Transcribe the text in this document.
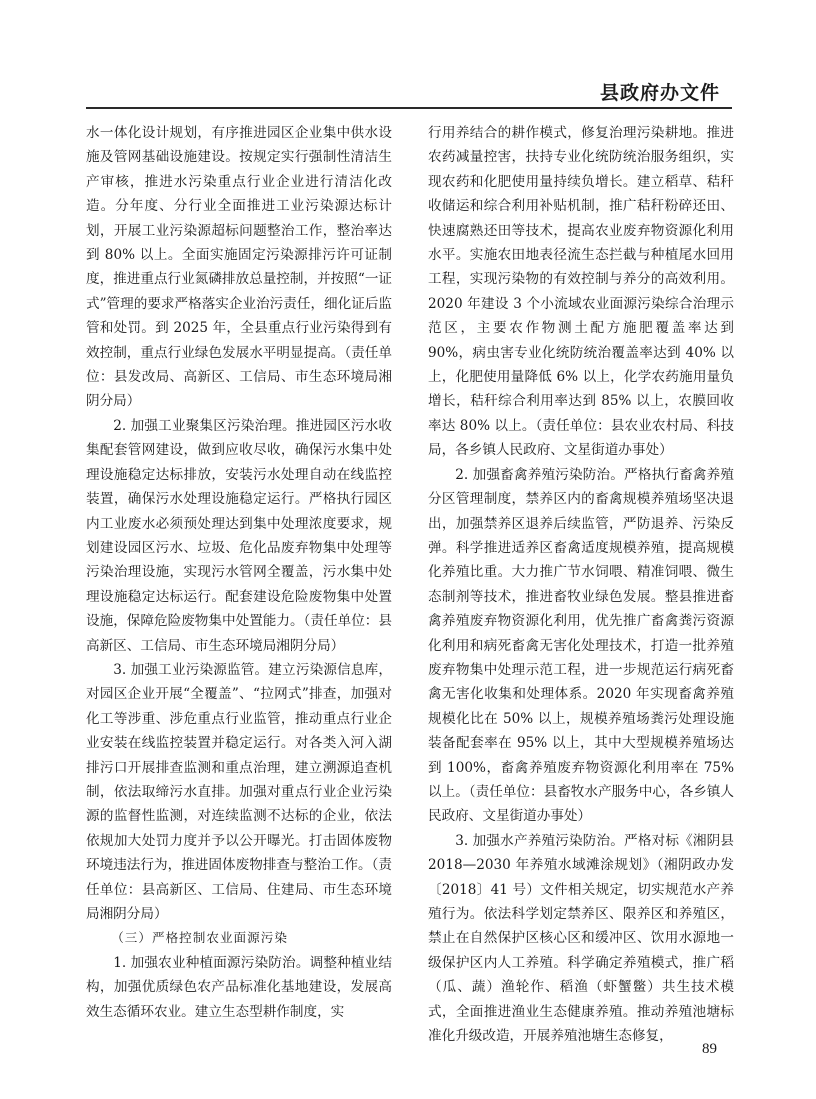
县政府办文件

水一体化设计规划，有序推进园区企业集中供水设施及管网基础设施建设。按规定实行强制性清洁生产审核，推进水污染重点行业企业进行清洁化改造。分年度、分行业全面推进工业污染源达标计划，开展工业污染源超标问题整治工作，整治率达到 80% 以上。全面实施固定污染源排污许可证制度，推进重点行业氮磷排放总量控制，并按照“一证式”管理的要求严格落实企业治污责任，细化证后监管和处罚。到 2025 年，全县重点行业污染得到有效控制，重点行业绿色发展水平明显提高。（责任单位：县发改局、高新区、工信局、市生态环境局湘阴分局）

2. 加强工业聚集区污染治理。推进园区污水收集配套管网建设，做到应收尽收，确保污水集中处理设施稳定达标排放，安装污水处理自动在线监控装置，确保污水处理设施稳定运行。严格执行园区内工业废水必须预处理达到集中处理浓度要求，规划建设园区污水、垃圾、危化品废弃物集中处理等污染治理设施，实现污水管网全覆盖，污水集中处理设施稳定达标运行。配套建设危险废物集中处置设施，保障危险废物集中处置能力。（责任单位：县高新区、工信局、市生态环境局湘阴分局）

3. 加强工业污染源监管。建立污染源信息库，对园区企业开展“全覆盖”、“拉网式”排查，加强对化工等涉重、涉危重点行业监管，推动重点行业企业安装在线监控装置并稳定运行。对各类入河入湖排污口开展排查监测和重点治理，建立溯源追查机制，依法取缔污水直排。加强对重点行业企业污染源的监督性监测，对连续监测不达标的企业，依法依规加大处罚力度并予以公开曝光。打击固体废物环境违法行为，推进固体废物排查与整治工作。（责任单位：县高新区、工信局、住建局、市生态环境局湘阴分局）

（三）严格控制农业面源污染

1. 加强农业种植面源污染防治。调整种植业结构，加强优质绿色农产品标准化基地建设，发展高效生态循环农业。建立生态型耕作制度，实

行用养结合的耕作模式，修复治理污染耕地。推进农药减量控害，扶持专业化统防统治服务组织，实现农药和化肥使用量持续负增长。建立稻草、秸秆收储运和综合利用补贴机制，推广秸秆粉碎还田、快速腐熟还田等技术，提高农业废弃物资源化利用水平。实施农田地表径流生态拦截与种植尾水回用工程，实现污染物的有效控制与养分的高效利用。2020 年建设 3 个小流域农业面源污染综合治理示范区，主要农作物测土配方施肥覆盖率达到 90%，病虫害专业化统防统治覆盖率达到 40% 以上，化肥使用量降低 6% 以上，化学农药施用量负增长，秸秆综合利用率达到 85% 以上，农膜回收率达 80% 以上。（责任单位：县农业农村局、科技局，各乡镇人民政府、文星街道办事处）

2. 加强畜禽养殖污染防治。严格执行畜禽养殖分区管理制度，禁养区内的畜禽规模养殖场坚决退出，加强禁养区退养后续监管，严防退养、污染反弹。科学推进适养区畜禽适度规模养殖，提高规模化养殖比重。大力推广节水饲喂、精准饲喂、微生态制剂等技术，推进畜牧业绿色发展。整县推进畜禽养殖废弃物资源化利用，优先推广畜禽粪污资源化利用和病死畜禽无害化处理技术，打造一批养殖废弃物集中处理示范工程，进一步规范运行病死畜禽无害化收集和处理体系。2020 年实现畜禽养殖规模化比在 50% 以上，规模养殖场粪污处理设施装备配套率在 95% 以上，其中大型规模养殖场达到 100%，畜禽养殖废弃物资源化利用率在 75% 以上。（责任单位：县畜牧水产服务中心，各乡镇人民政府、文星街道办事处）

3. 加强水产养殖污染防治。严格对标《湘阴县 2018—2030 年养殖水域滩涂规划》（湘阴政办发〔2018〕41 号）文件相关规定，切实规范水产养殖行为。依法科学划定禁养区、限养区和养殖区，禁止在自然保护区核心区和缓冲区、饮用水源地一级保护区内人工养殖。科学确定养殖模式，推广稻（瓜、蔬）渔轮作、稻渔（虾蟹鳖）共生技术模式，全面推进渔业生态健康养殖。推动养殖池塘标准化升级改造，开展养殖池塘生态修复，

89
